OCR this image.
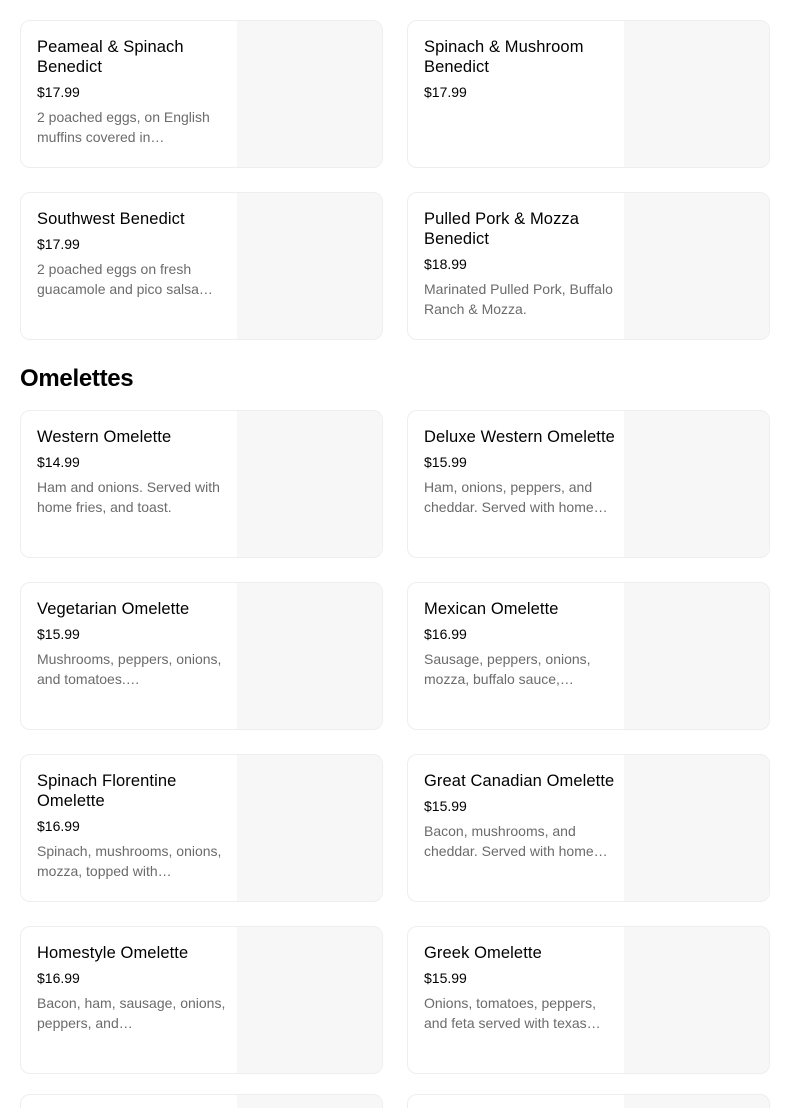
Peameal & Spinach Benedict
$17.99
2 poached eggs, on English muffins covered in…
Spinach & Mushroom Benedict
$17.99
Southwest Benedict
$17.99
2 poached eggs on fresh guacamole and pico salsa…
Pulled Pork & Mozza Benedict
$18.99
Marinated Pulled Pork, Buffalo Ranch & Mozza.
Omelettes
Western Omelette
$14.99
Ham and onions. Served with home fries, and toast.
Deluxe Western Omelette
$15.99
Ham, onions, peppers, and cheddar. Served with home…
Vegetarian Omelette
$15.99
Mushrooms, peppers, onions, and tomatoes.…
Mexican Omelette
$16.99
Sausage, peppers, onions, mozza, buffalo sauce,…
Spinach Florentine Omelette
$16.99
Spinach, mushrooms, onions, mozza, topped with…
Great Canadian Omelette
$15.99
Bacon, mushrooms, and cheddar. Served with home…
Homestyle Omelette
$16.99
Bacon, ham, sausage, onions, peppers, and…
Greek Omelette
$15.99
Onions, tomatoes, peppers, and feta served with texas…
